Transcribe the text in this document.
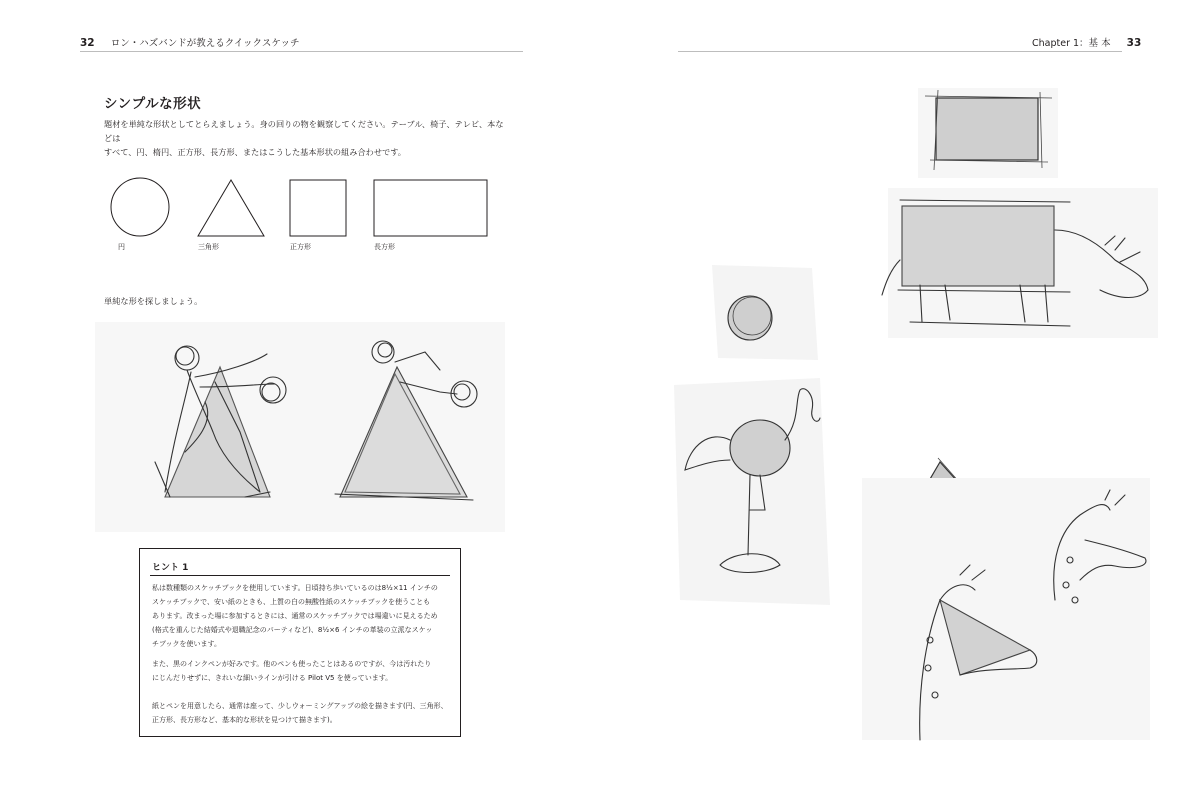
32 ロン・ハズバンドが教えるクイックスケッチ
シンプルな形状
題材を単純な形状としてとらえましょう。身の回りの物を観察してください。テーブル、椅子、テレビ、本などは
すべて、円、楕円、正方形、長方形、またはこうした基本形状の組み合わせです。
円	三角形	正方形	長方形
単純な形を探しましょう。
ヒント 1
私は数種類のスケッチブックを使用しています。日頃持ち歩いているのは8½×11 インチの
スケッチブックで、安い紙のときも、上質の白の無酸性紙のスケッチブックを使うことも
あります。改まった場に参加するときには、通常のスケッチブックでは場違いに見えるため
(格式を重んじた結婚式や退職記念のパーティなど)、8½×6 インチの革装の立派なスケッ
チブックを使います。
また、黒のインクペンが好みです。他のペンも使ったことはあるのですが、今は汚れたり
にじんだりせずに、きれいな細いラインが引ける Pilot V5 を使っています。
紙とペンを用意したら、通常は座って、少しウォーミングアップの絵を描きます(円、三角形、
正方形、長方形など、基本的な形状を見つけて描きます)。
Chapter 1：基 本 33
